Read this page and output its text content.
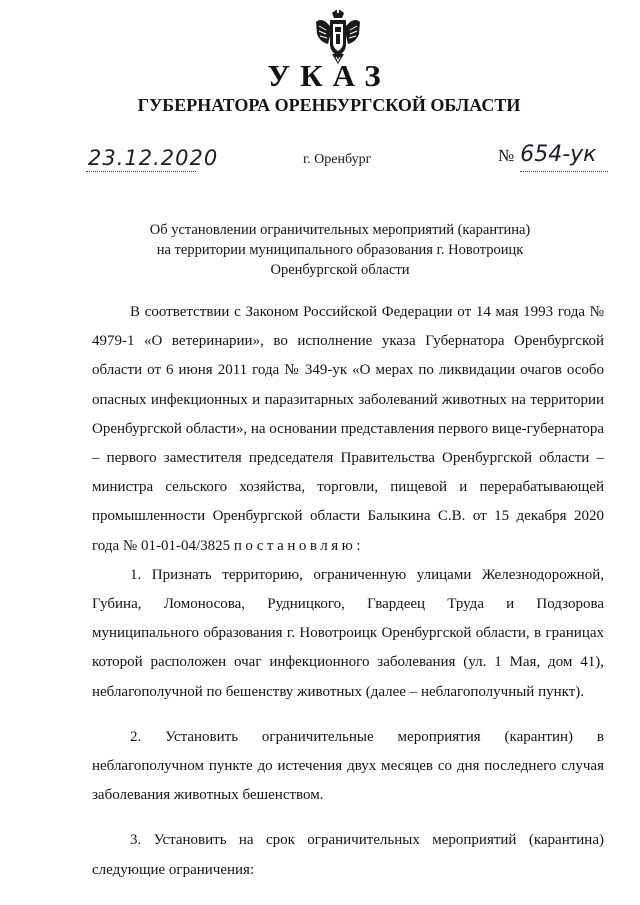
УКАЗ
ГУБЕРНАТОРА ОРЕНБУРГСКОЙ ОБЛАСТИ
23.12.2020	г. Оренбург	№ 654-ук
Об установлении ограничительных мероприятий (карантина)
на территории муниципального образования г. Новотроицк
Оренбургской области
В соответствии с Законом Российской Федерации от 14 мая 1993 года № 4979-1 «О ветеринарии», во исполнение указа Губернатора Оренбургской области от 6 июня 2011 года № 349-ук «О мерах по ликвидации очагов особо опасных инфекционных и паразитарных заболеваний животных на территории Оренбургской области», на основании представления первого вице-губернатора – первого заместителя председателя Правительства Оренбургской области – министра сельского хозяйства, торговли, пищевой и перерабатывающей промышленности Оренбургской области Балыкина С.В. от 15 декабря 2020 года № 01-01-04/3825 постановляю:
1. Признать территорию, ограниченную улицами Железнодорожной, Губина, Ломоносова, Рудницкого, Гвардеец Труда и Подзорова муниципального образования г. Новотроицк Оренбургской области, в границах которой расположен очаг инфекционного заболевания (ул. 1 Мая, дом 41), неблагополучной по бешенству животных (далее – неблагополучный пункт).
2. Установить ограничительные мероприятия (карантин) в неблагополучном пункте до истечения двух месяцев со дня последнего случая заболевания животных бешенством.
3. Установить на срок ограничительных мероприятий (карантина) следующие ограничения:
